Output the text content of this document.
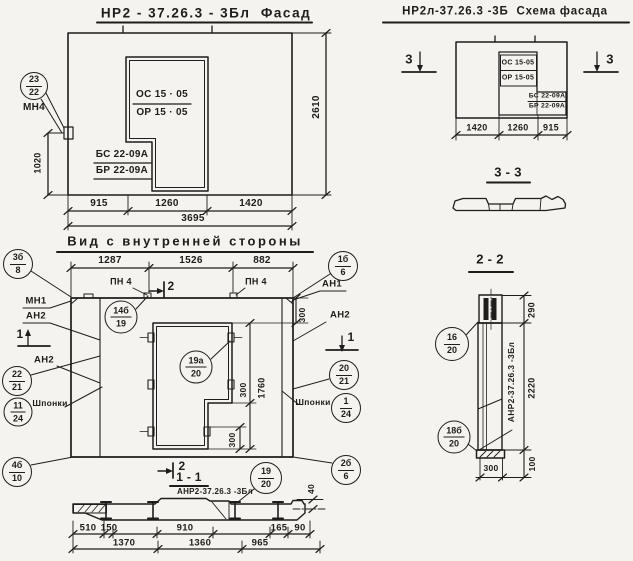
НР2 - 37.26.3 - 3Бл  Фасад
ОС 15 · 05
ОР 15 · 05
БС 22-09А
БР 22-09А
$\frac{23}{22}$
МН4
1020
2610
915	1260	1420
3695
НР2л-37.26.3 -3Б  Схема фасада
ОС 15-05
ОР 15-05
БС 22-09А
БР 22-09А
3	3
1420 1260 915
3 - 3
Вид с внутренней стороны
1287	1526	882
ПН 4	ПН 4
2
МН1
АН2
1
АН2
Шпонки
АН1
АН2
1
Шпонки
300
300 1760
300
3б
8
1б
6
14б
19
19а
20
$\frac{22}{21}$
$\frac{11}{24}$
4б
10
$\frac{20}{21}$
$\frac{1}{24}$
2б
6
2
1 - 1
АНР2-37.26.3 -3Бл
$\frac{19}{20}$	40
510 150	910	165 90
1370	1360	965
2 - 2
АНР2-37.26.3 -3Бл
290
2220
100
300
$\frac{16}{20}$
18б
20
